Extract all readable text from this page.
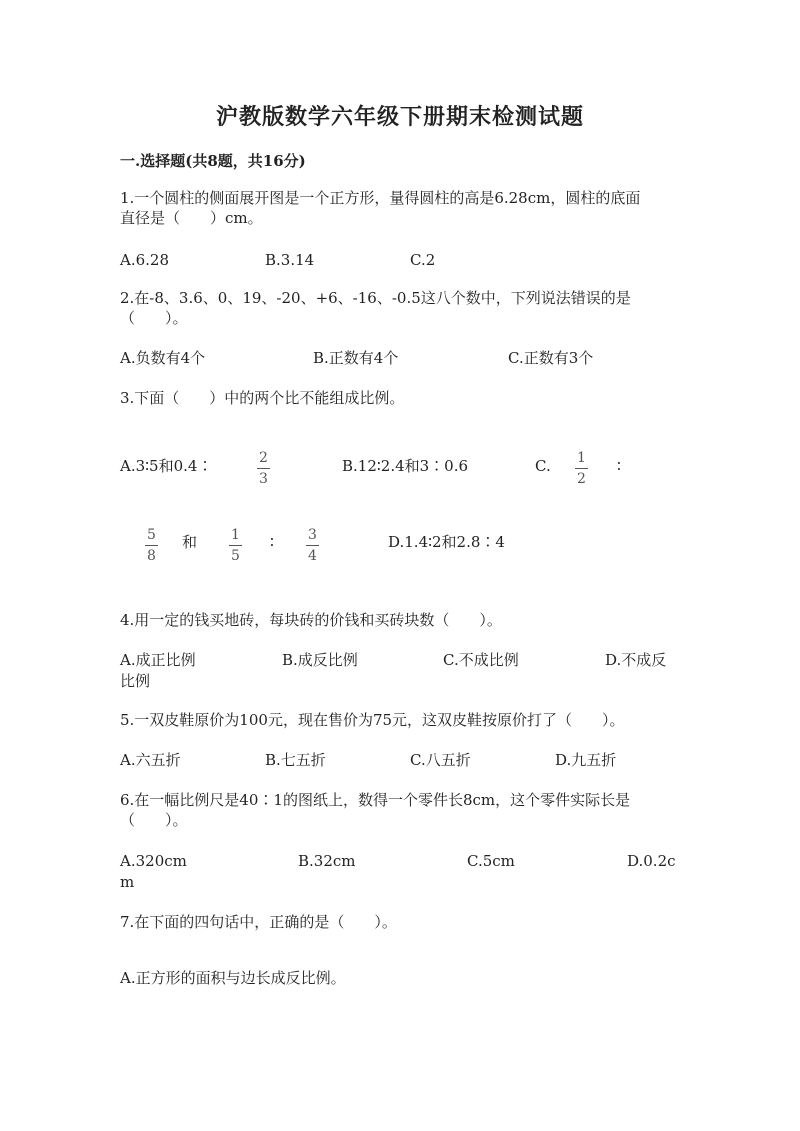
沪教版数学六年级下册期末检测试题
一.选择题(共8题，共16分)
1.一个圆柱的侧面展开图是一个正方形，量得圆柱的高是6.28cm，圆柱的底面
直径是（　　）cm。
A.6.28	B.3.14	C.2
2.在-8、3.6、0、19、-20、+6、-16、-0.5这八个数中，下列说法错误的是
（　　）。
A.负数有4个	B.正数有4个	C.正数有3个
3.下面（　　）中的两个比不能组成比例。
A.3∶5和0.4∶	2
3
B.12∶2.4和3∶0.6	C. 1
2
∶
5
8
和 1
5
∶ 3
4
D.1.4∶2和2.8∶4
4.用一定的钱买地砖，每块砖的价钱和买砖块数（　　）。
A.成正比例	B.成反比例	C.不成比例	D.不成反
比例
5.一双皮鞋原价为100元，现在售价为75元，这双皮鞋按原价打了（　　）。
A.六五折	B.七五折	C.八五折	D.九五折
6.在一幅比例尺是40∶1的图纸上，数得一个零件长8cm，这个零件实际长是
（　　）。
A.320cm	B.32cm	C.5cm	D.0.2c
m
7.在下面的四句话中，正确的是（　　）。
A.正方形的面积与边长成反比例。
